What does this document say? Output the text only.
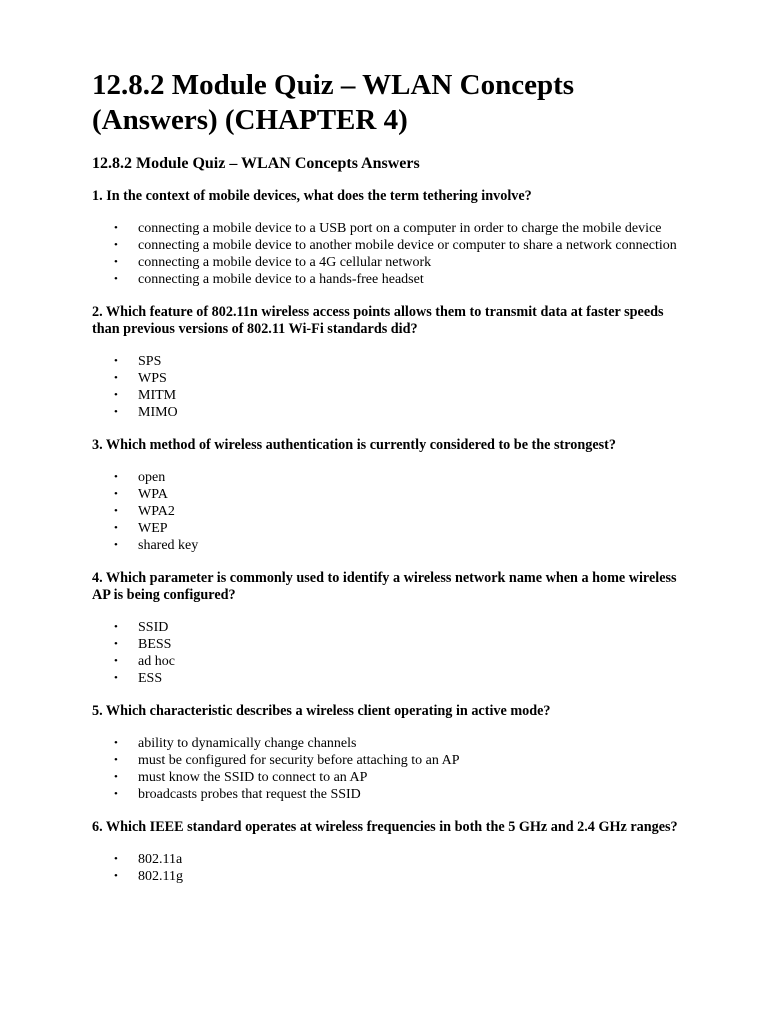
12.8.2 Module Quiz – WLAN Concepts (Answers) (CHAPTER 4)
12.8.2 Module Quiz – WLAN Concepts Answers
1. In the context of mobile devices, what does the term tethering involve?
• connecting a mobile device to a USB port on a computer in order to charge the mobile device
• connecting a mobile device to another mobile device or computer to share a network connection
• connecting a mobile device to a 4G cellular network
• connecting a mobile device to a hands-free headset
2. Which feature of 802.11n wireless access points allows them to transmit data at faster speeds than previous versions of 802.11 Wi-Fi standards did?
• SPS
• WPS
• MITM
• MIMO
3. Which method of wireless authentication is currently considered to be the strongest?
• open
• WPA
• WPA2
• WEP
• shared key
4. Which parameter is commonly used to identify a wireless network name when a home wireless AP is being configured?
• SSID
• BESS
• ad hoc
• ESS
5. Which characteristic describes a wireless client operating in active mode?
• ability to dynamically change channels
• must be configured for security before attaching to an AP
• must know the SSID to connect to an AP
• broadcasts probes that request the SSID
6. Which IEEE standard operates at wireless frequencies in both the 5 GHz and 2.4 GHz ranges?
• 802.11a
• 802.11g
